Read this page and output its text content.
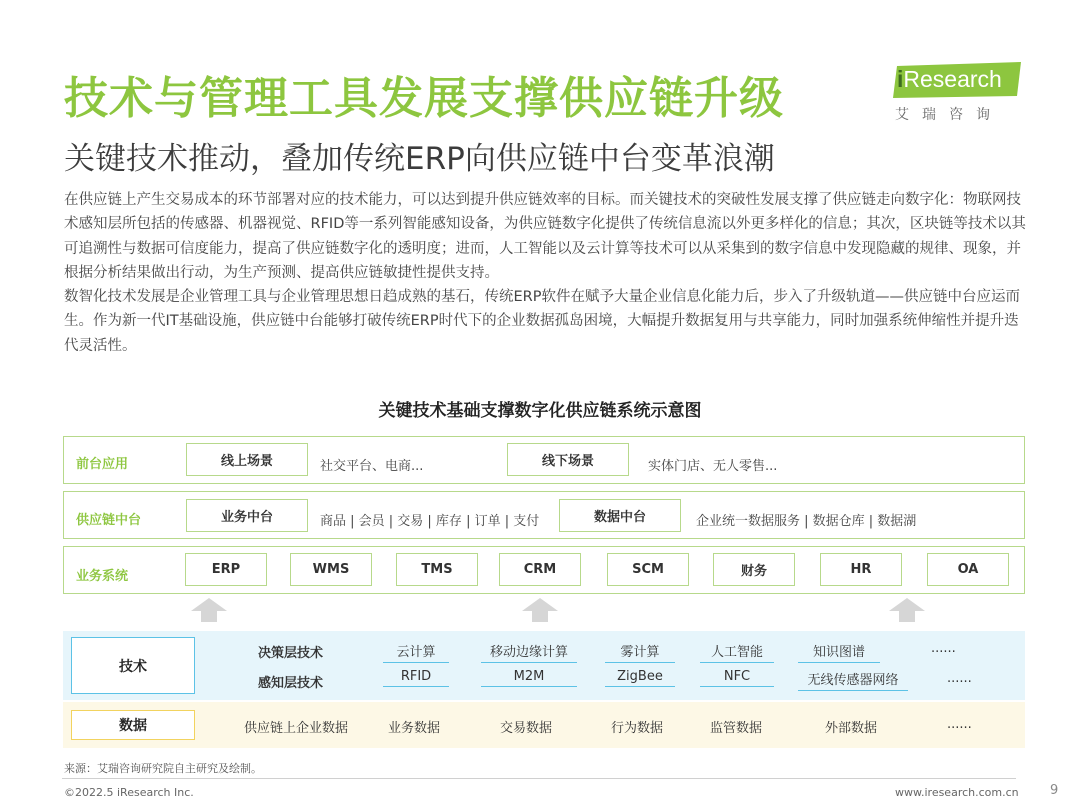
技术与管理工具发展支撑供应链升级
关键技术推动，叠加传统ERP向供应链中台变革浪潮
iResearch
艾瑞咨询

在供应链上产生交易成本的环节部署对应的技术能力，可以达到提升供应链效率的目标。而关键技术的突破性发展支撑了供应链走向数字化：物联网技术感知层所包括的传感器、机器视觉、RFID等一系列智能感知设备，为供应链数字化提供了传统信息流以外更多样化的信息；其次，区块链等技术以其可追溯性与数据可信度能力，提高了供应链数字化的透明度；进而，人工智能以及云计算等技术可以从采集到的数字信息中发现隐藏的规律、现象，并根据分析结果做出行动，为生产预测、提高供应链敏捷性提供支持。

数智化技术发展是企业管理工具与企业管理思想日趋成熟的基石，传统ERP软件在赋予大量企业信息化能力后，步入了升级轨道——供应链中台应运而生。作为新一代IT基础设施，供应链中台能够打破传统ERP时代下的企业数据孤岛困境，大幅提升数据复用与共享能力，同时加强系统伸缩性并提升迭代灵活性。

关键技术基础支撑数字化供应链系统示意图
前台应用	线上场景	社交平台、电商...	线下场景	实体门店、无人零售...
供应链中台	业务中台	商品 | 会员 | 交易 | 库存 | 订单 | 支付	数据中台	企业统一数据服务 | 数据仓库 | 数据湖
业务系统	ERP	WMS	TMS	CRM	SCM	财务	HR	OA
技术
决策层技术
感知层技术
云计算	移动边缘计算	雾计算	人工智能	知识图谱	......
RFID	M2M	ZigBee	NFC	无线传感器网络	......
数据	供应链上企业数据	业务数据	交易数据	行为数据	监管数据	外部数据	......
来源：艾瑞咨询研究院自主研究及绘制。
©2022.5 iResearch Inc.	www.iresearch.com.cn 9
